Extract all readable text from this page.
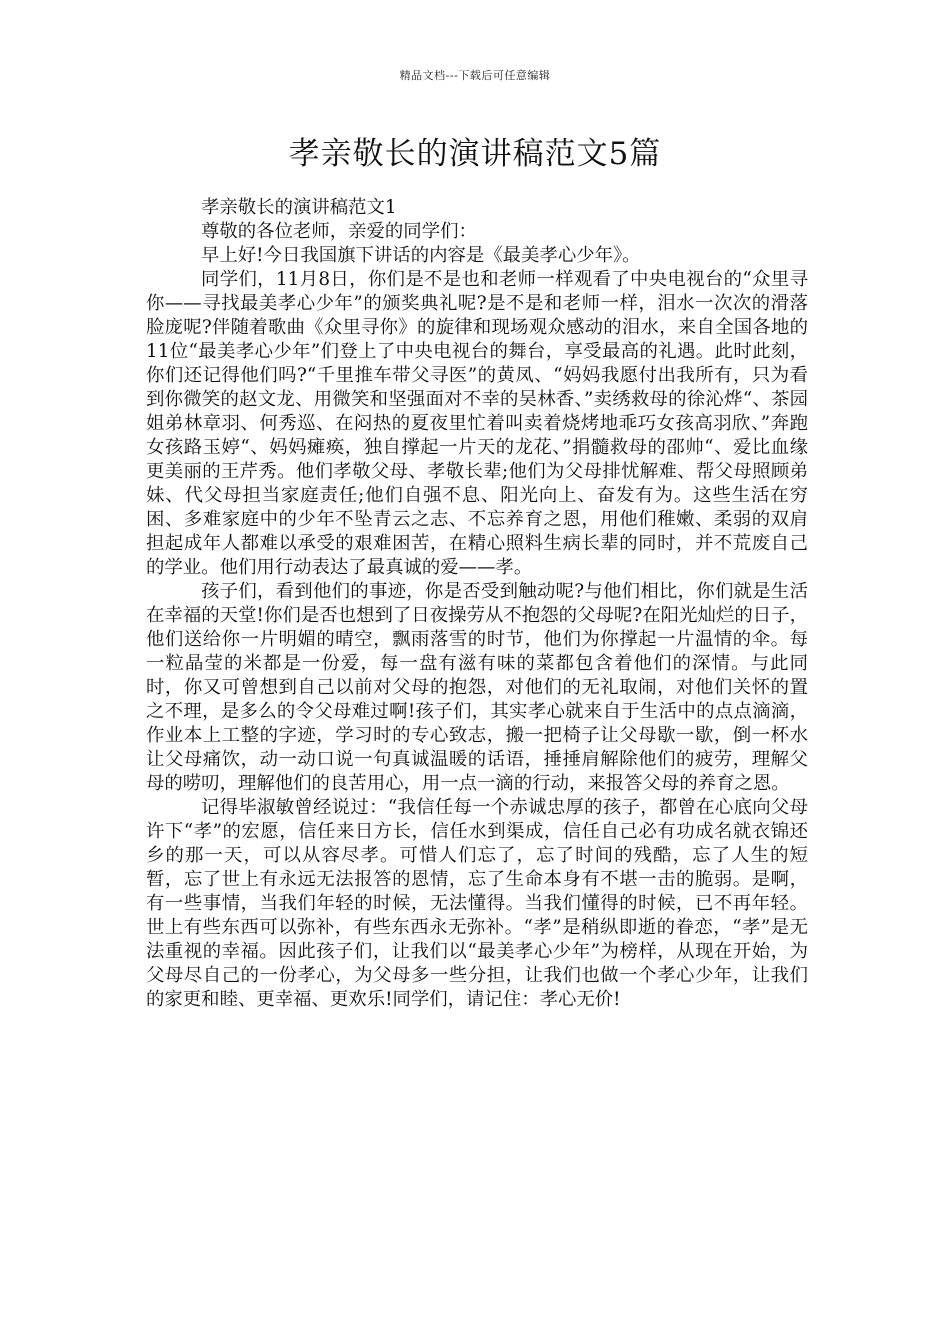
精品文档---下载后可任意编辑
孝亲敬长的演讲稿范文5篇

孝亲敬长的演讲稿范文1

尊敬的各位老师，亲爱的同学们：

早上好!今日我国旗下讲话的内容是《最美孝心少年》。

同学们，11月8日，你们是不是也和老师一样观看了中央电视台的“众里寻你——寻找最美孝心少年”的颁奖典礼呢?是不是和老师一样，泪水一次次的滑落脸庞呢?伴随着歌曲《众里寻你》的旋律和现场观众感动的泪水，来自全国各地的11位“最美孝心少年”们登上了中央电视台的舞台，享受最高的礼遇。此时此刻，你们还记得他们吗?“千里推车带父寻医”的黄凤、“妈妈我愿付出我所有，只为看到你微笑的赵文龙、用微笑和坚强面对不幸的吴林香、”卖绣救母的徐沁烨“、茶园姐弟林章羽、何秀巡、在闷热的夏夜里忙着叫卖着烧烤地乖巧女孩高羽欣、”奔跑女孩路玉婷“、妈妈瘫痪，独自撑起一片天的龙花、”捐髓救母的邵帅“、爱比血缘更美丽的王芹秀。他们孝敬父母、孝敬长辈;他们为父母排忧解难、帮父母照顾弟妹、代父母担当家庭责任;他们自强不息、阳光向上、奋发有为。这些生活在穷困、多难家庭中的少年不坠青云之志、不忘养育之恩，用他们稚嫩、柔弱的双肩担起成年人都难以承受的艰难困苦，在精心照料生病长辈的同时，并不荒废自己的学业。他们用行动表达了最真诚的爱——孝。

孩子们，看到他们的事迹，你是否受到触动呢?与他们相比，你们就是生活在幸福的天堂!你们是否也想到了日夜操劳从不抱怨的父母呢?在阳光灿烂的日子，他们送给你一片明媚的晴空，飘雨落雪的时节，他们为你撑起一片温情的伞。每一粒晶莹的米都是一份爱，每一盘有滋有味的菜都包含着他们的深情。与此同时，你又可曾想到自己以前对父母的抱怨，对他们的无礼取闹，对他们关怀的置之不理，是多么的令父母难过啊!孩子们，其实孝心就来自于生活中的点点滴滴，作业本上工整的字迹，学习时的专心致志，搬一把椅子让父母歇一歇，倒一杯水让父母痛饮，动一动口说一句真诚温暖的话语，捶捶肩解除他们的疲劳，理解父母的唠叨，理解他们的良苦用心，用一点一滴的行动，来报答父母的养育之恩。

记得毕淑敏曾经说过：“我信任每一个赤诚忠厚的孩子，都曾在心底向父母许下“孝”的宏愿，信任来日方长，信任水到渠成，信任自己必有功成名就衣锦还乡的那一天，可以从容尽孝。可惜人们忘了，忘了时间的残酷，忘了人生的短暂，忘了世上有永远无法报答的恩情，忘了生命本身有不堪一击的脆弱。是啊，有一些事情，当我们年轻的时候，无法懂得。当我们懂得的时候，已不再年轻。世上有些东西可以弥补，有些东西永无弥补。“孝”是稍纵即逝的眷恋，“孝”是无法重视的幸福。因此孩子们，让我们以“最美孝心少年”为榜样，从现在开始，为父母尽自己的一份孝心，为父母多一些分担，让我们也做一个孝心少年，让我们的家更和睦、更幸福、更欢乐!同学们，请记住：孝心无价!
